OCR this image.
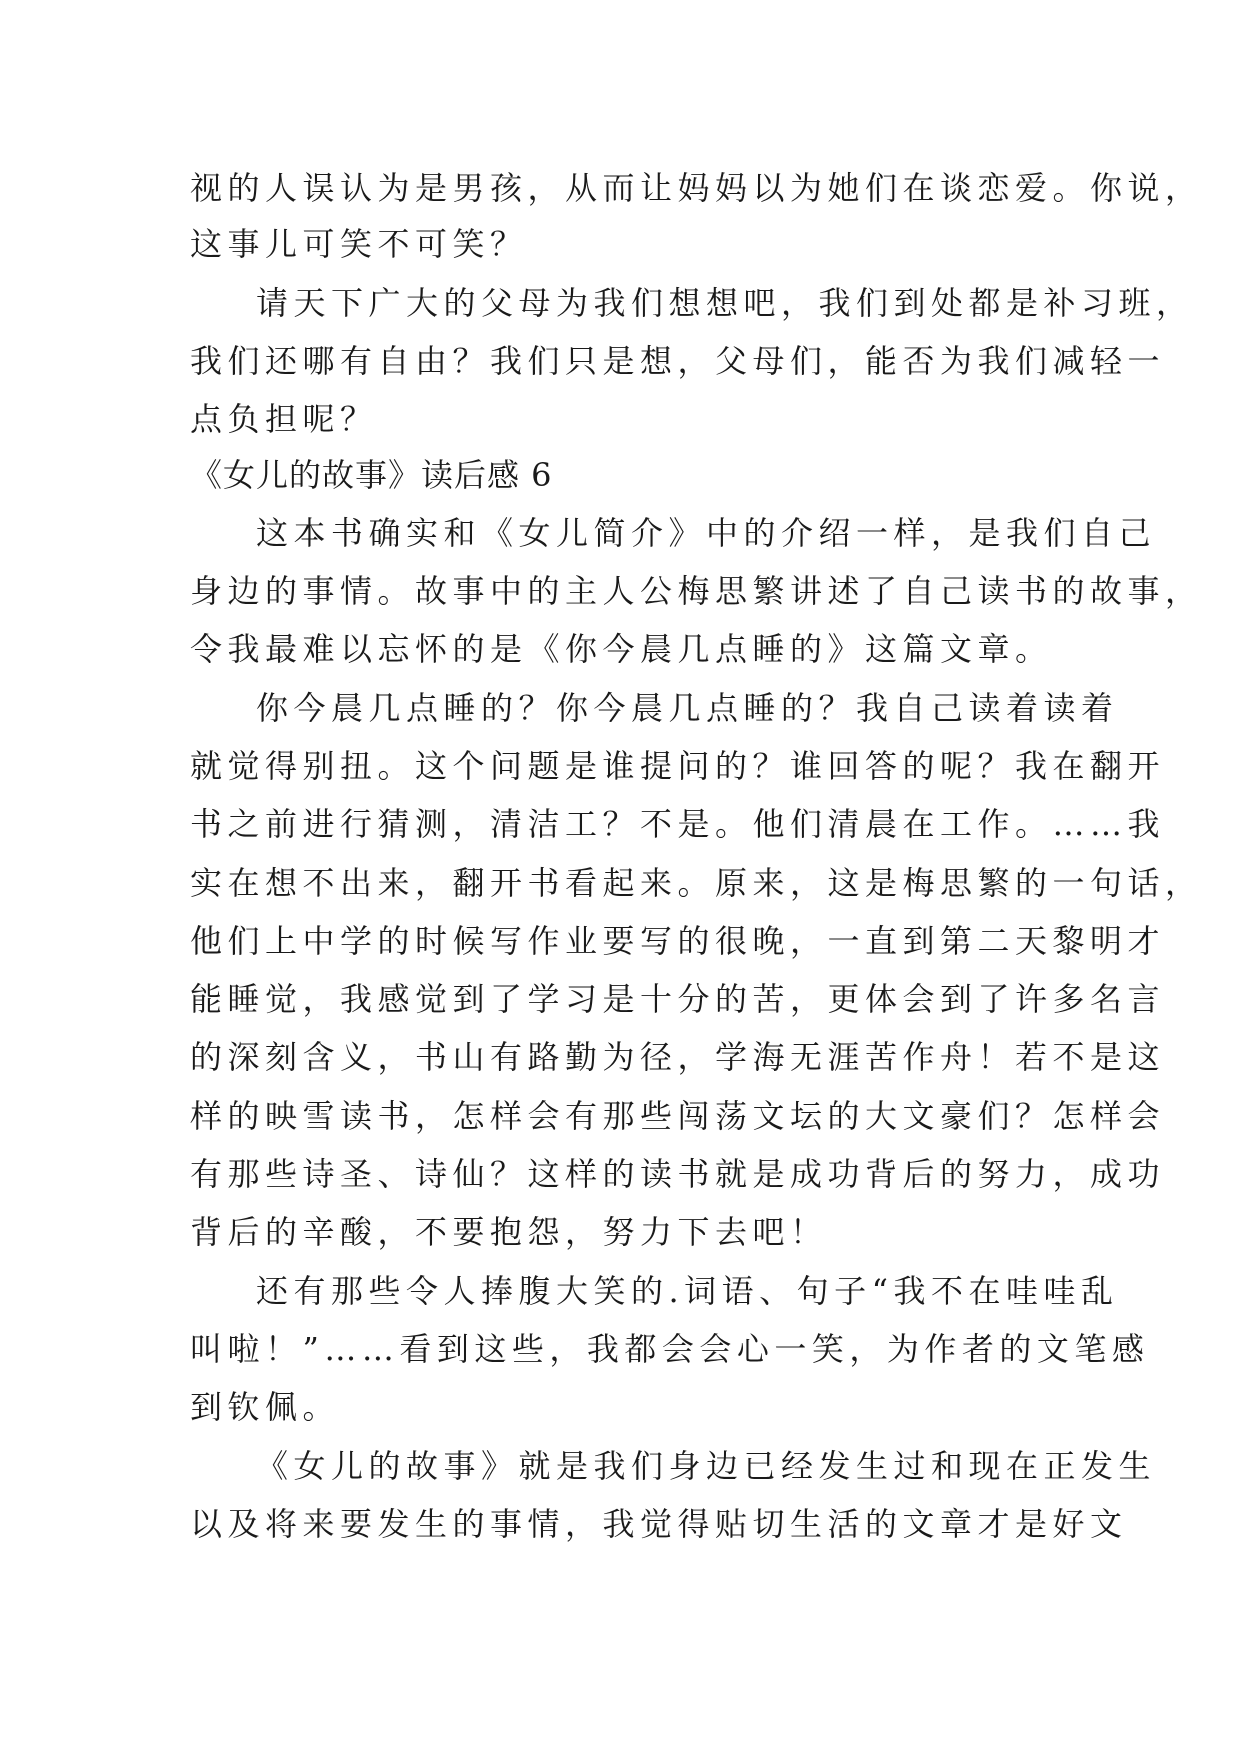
视的人误认为是男孩，从而让妈妈以为她们在谈恋爱。你说，
这事儿可笑不可笑？
请天下广大的父母为我们想想吧，我们到处都是补习班，
我们还哪有自由？我们只是想，父母们，能否为我们减轻一
点负担呢？
《女儿的故事》读后感 6
这本书确实和《女儿简介》中的介绍一样，是我们自己
身边的事情。故事中的主人公梅思繁讲述了自己读书的故事，
令我最难以忘怀的是《你今晨几点睡的》这篇文章。
你今晨几点睡的？你今晨几点睡的？我自己读着读着
就觉得别扭。这个问题是谁提问的？谁回答的呢？我在翻开
书之前进行猜测，清洁工？不是。他们清晨在工作。……我
实在想不出来，翻开书看起来。原来，这是梅思繁的一句话，
他们上中学的时候写作业要写的很晚，一直到第二天黎明才
能睡觉，我感觉到了学习是十分的苦，更体会到了许多名言
的深刻含义，书山有路勤为径，学海无涯苦作舟！若不是这
样的映雪读书，怎样会有那些闯荡文坛的大文豪们？怎样会
有那些诗圣、诗仙？这样的读书就是成功背后的努力，成功
背后的辛酸，不要抱怨，努力下去吧！
还有那些令人捧腹大笑的.词语、句子“我不在哇哇乱
叫啦！”……看到这些，我都会会心一笑，为作者的文笔感
到钦佩。
《女儿的故事》就是我们身边已经发生过和现在正发生
以及将来要发生的事情，我觉得贴切生活的文章才是好文
